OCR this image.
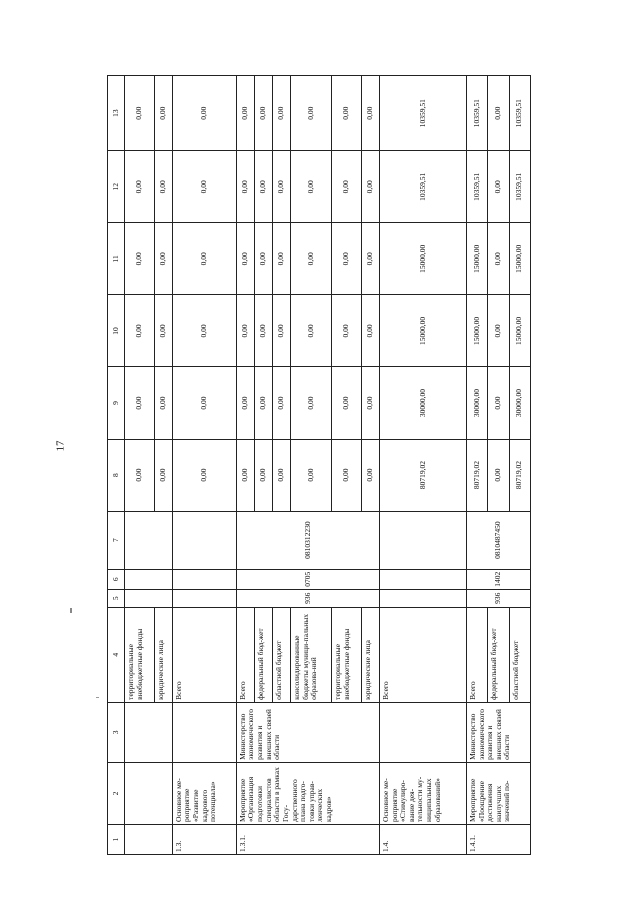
17
1	2	3	4	5	6	7	8	9	10	11	12	13
			территориальные внебюджетные фонды				0,00	0,00	0,00	0,00	0,00	0,00
			юридические лица				0,00	0,00	0,00	0,00	0,00	0,00
1.3.	Основное ме-роприятие «Развитие кадрового потенциала»		Всего				0,00	0,00	0,00	0,00	0,00	0,00
1.3.1.	Мероприятие «Организация подготовки специалистов области в рамках Госу-дарственного плана подго-товки управ-ленческих кадров»	Министерство экономического развития и внешних связей области	Всего	936	0705	0810312230	0,00	0,00	0,00	0,00	0,00	0,00
			федеральный бюд-жет				0,00	0,00	0,00	0,00	0,00	0,00
			областной бюджет				0,00	0,00	0,00	0,00	0,00	0,00
			консолидированные бюджеты муници-пальных образова-ний				0,00	0,00	0,00	0,00	0,00	0,00
			территориальные внебюджетные фонды				0,00	0,00	0,00	0,00	0,00	0,00
			юридические лица				0,00	0,00	0,00	0,00	0,00	0,00
1.4.	Основное ме-роприятие «Стимулиро-вание дея-тельности му-ниципальных образований»		Всего				80719,02	30000,00	15000,00	15000,00	10359,51	10359,51
1.4.1.	Мероприятие «Поощрение достижения наилучших значений по-	Министерство экономического развития и внешних связей области	Всего	936	1402	0810487450	80719,02	30000,00	15000,00	15000,00	10359,51	10359,51
			федеральный бюд-жет				0,00	0,00	0,00	0,00	0,00	0,00
			областной бюджет				80719,02	30000,00	15000,00	15000,00	10359,51	10359,51
